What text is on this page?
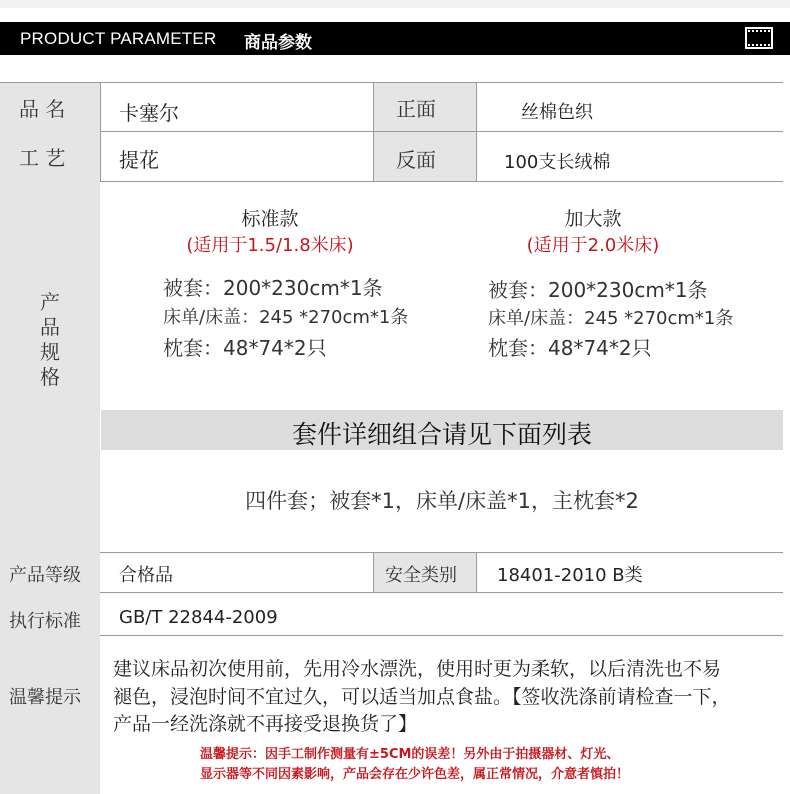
PRODUCT PARAMETER 商品参数
品 名	卡塞尔	正面	丝棉色织
工 艺	提花	反面	100支长绒棉
产
品
规
格
标准款
(适用于1.5/1.8米床)
被套：200*230cm*1条
床单/床盖：245 *270cm*1条
枕套：48*74*2只
加大款
(适用于2.0米床)
被套：200*230cm*1条
床单/床盖：245 *270cm*1条
枕套：48*74*2只
套件详细组合请见下面列表
四件套；被套*1，床单/床盖*1，主枕套*2
产品等级 合格品	安全类别 18401-2010 B类
执行标准 GB/T 22844-2009
温馨提示
建议床品初次使用前，先用冷水漂洗，使用时更为柔软，以后清洗也不易
褪色，浸泡时间不宜过久，可以适当加点食盐。【签收洗涤前请检查一下，
产品一经洗涤就不再接受退换货了】
温馨提示：因手工制作测量有±5CM的误差！另外由于拍摄器材、灯光、
显示器等不同因素影响，产品会存在少许色差，属正常情况，介意者慎拍！
